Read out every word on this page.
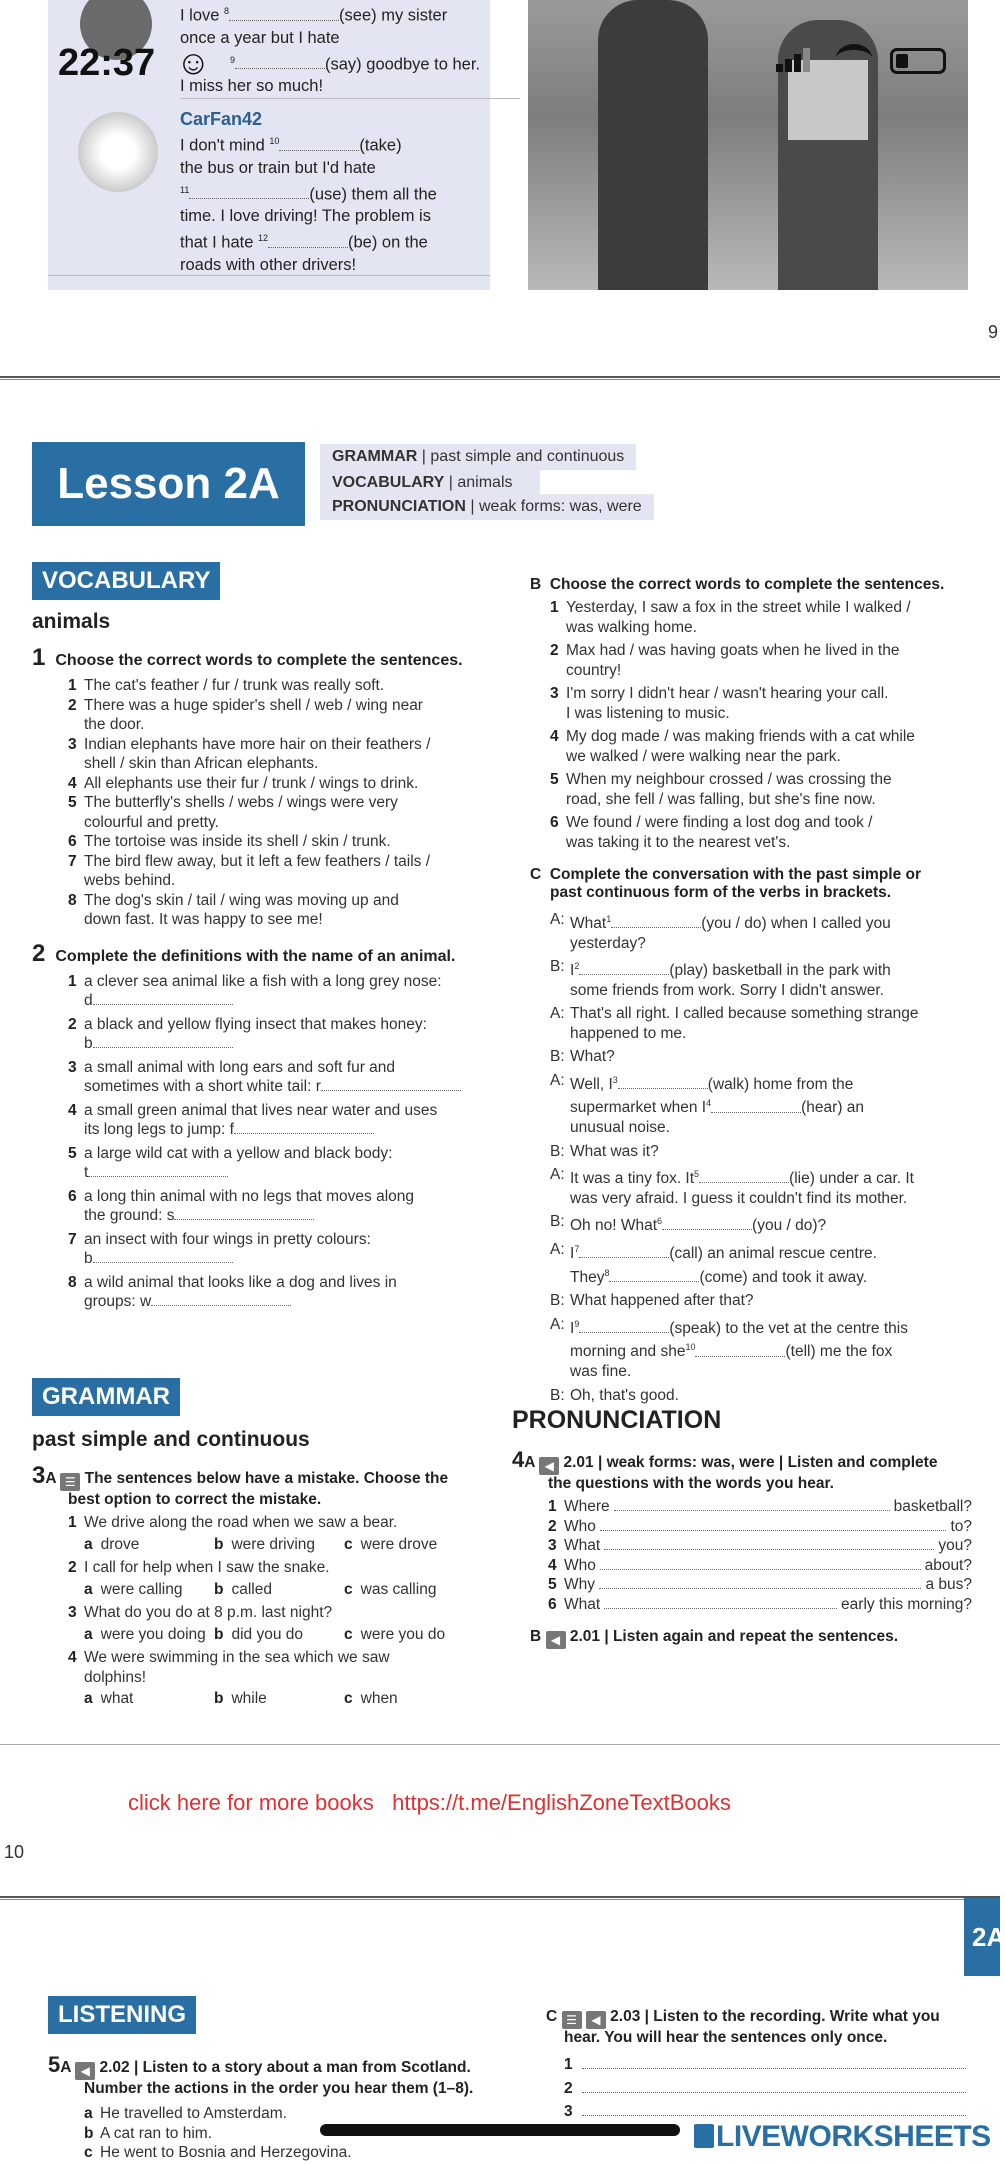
I love $^8$	(see) my sister
once a year but I hate
$^9$	(say) goodbye to her.
I miss her so much!
CarFan42
I don't mind $^{10}$	(take)
the bus or train but I'd hate
$^{11}$	(use) them all the
time. I love driving! The problem is
that I hate $^{12}$	(be) on the
roads with other drivers!
9
22:37 ☺
Lesson 2A
GRAMMAR | past simple and continuous
VOCABULARY | animals
PRONUNCIATION | weak forms: was, were
VOCABULARY
animals
1 Choose the correct words to complete the sentences.
1 The cat's feather / fur / trunk was really soft.
2 There was a huge spider's shell / web / wing near
the door.
3 Indian elephants have more hair on their feathers /
shell / skin than African elephants.
4 All elephants use their fur / trunk / wings to drink.
5 The butterfly's shells / webs / wings were very
colourful and pretty.
6 The tortoise was inside its shell / skin / trunk.
7 The bird flew away, but it left a few feathers / tails /
webs behind.
8 The dog's skin / tail / wing was moving up and
down fast. It was happy to see me!
2 Complete the definitions with the name of an animal.
1 a clever sea animal like a fish with a long grey nose:
d
2 a black and yellow flying insect that makes honey:
b
3 a small animal with long ears and soft fur and
sometimes with a short white tail: r
4 a small green animal that lives near water and uses
its long legs to jump: f
5 a large wild cat with a yellow and black body:
t
6 a long thin animal with no legs that moves along
the ground: s
7 an insect with four wings in pretty colours:
b
8 a wild animal that looks like a dog and lives in
groups: w
B Choose the correct words to complete the sentences.
1 Yesterday, I saw a fox in the street while I walked /
was walking home.
2 Max had / was having goats when he lived in the
country!
3 I'm sorry I didn't hear / wasn't hearing your call.
I was listening to music.
4 My dog made / was making friends with a cat while
we walked / were walking near the park.
5 When my neighbour crossed / was crossing the
road, she fell / was falling, but she's fine now.
6 We found / were finding a lost dog and took /
was taking it to the nearest vet's.
C Complete the conversation with the past simple or
past continuous form of the verbs in brackets.
A: What$^1$	(you / do) when I called you
yesterday?
B: $I^2$	(play) basketball in the park with
some friends from work. Sorry I didn't answer.
A: That's all right. I called because something strange
happened to me.
B: What?
A: Well, $I^3$	(walk) home from the
supermarket when $I^4$	(hear) an
unusual noise.
B: What was it?
A: It was a tiny fox. It$^5$	(lie) under a car. It
was very afraid. I guess it couldn't find its mother.
B: Oh no! What$^6$	(you / do)?
A: $I^7$	(call) an animal rescue centre.
They$^8$	(come) and took it away.
B: What happened after that?
A: $I^9$	(speak) to the vet at the centre this
morning and she$^{10}$	(tell) me the fox
was fine.
B: Oh, that's good.
GRAMMAR
past simple and continuous
3A ☰ The sentences below have a mistake. Choose the
best option to correct the mistake.
1 We drive along the road when we saw a bear.
a drove	b were driving	c were drove
2 I call for help when I saw the snake.
a were calling	b called	c was calling
3 What do you do at 8 p.m. last night?
a were you doing b did you do	c were you do
4 We were swimming in the sea which we saw
dolphins!
a what	b while	c when
PRONUNCIATION
4A ◀ 2.01 | weak forms: was, were | Listen and complete
the questions with the words you hear.
1 Where	basketball?
2 Who	to?
3 What	you?
4 Who	about?
5 Why	a bus?
6 What	early this morning?
B ◀ 2.01 | Listen again and repeat the sentences.
click here for more books https://t.me/EnglishZoneTextBooks
10
2A
LISTENING
5A ◀ 2.02 | Listen to a story about a man from Scotland.
Number the actions in the order you hear them (1–8).
a He travelled to Amsterdam.
b A cat ran to him.
c He went to Bosnia and Herzegovina.
C ☰ ◀ 2.03 | Listen to the recording. Write what you
hear. You will hear the sentences only once.
1
2
3
LIVEWORKSHEETS
